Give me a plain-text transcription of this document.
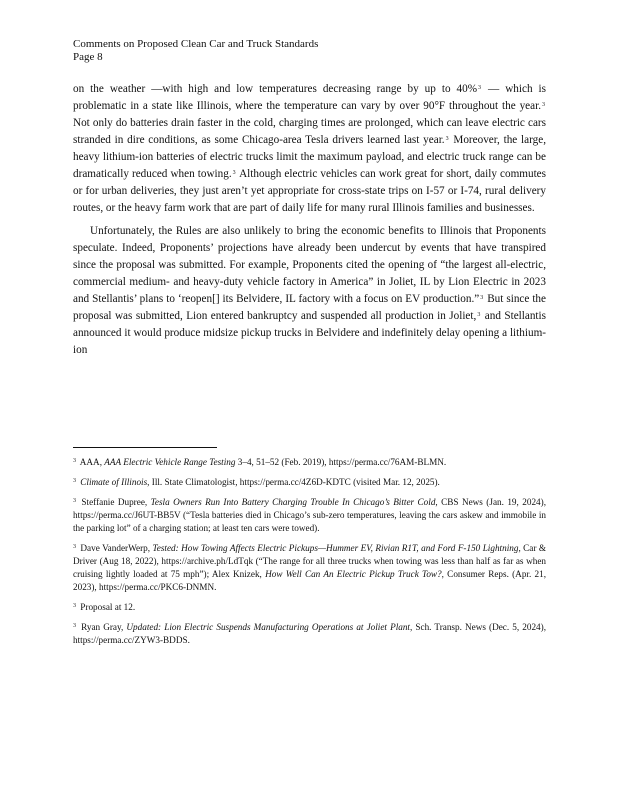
Comments on Proposed Clean Car and Truck Standards
Page 8

on the weather —with high and low temperatures decreasing range by up to 40%$^3$ — which is problematic in a state like Illinois, where the temperature can vary by over 90°F throughout the year.$^3$ Not only do batteries drain faster in the cold, charging times are prolonged, which can leave electric cars stranded in dire conditions, as some Chicago-area Tesla drivers learned last year.$^3$ Moreover, the large, heavy lithium-ion batteries of electric trucks limit the maximum payload, and electric truck range can be dramatically reduced when towing.$^3$ Although electric vehicles can work great for short, daily commutes or for urban deliveries, they just aren’t yet appropriate for cross-state trips on I-57 or I-74, rural delivery routes, or the heavy farm work that are part of daily life for many rural Illinois families and businesses.

Unfortunately, the Rules are also unlikely to bring the economic benefits to Illinois that Proponents speculate. Indeed, Proponents’ projections have already been undercut by events that have transpired since the proposal was submitted. For example, Proponents cited the opening of “the largest all-electric, commercial medium- and heavy-duty vehicle factory in America” in Joliet, IL by Lion Electric in 2023 and Stellantis’ plans to ‘reopen[] its Belvidere, IL factory with a focus on EV production.”$^3$ But since the proposal was submitted, Lion entered bankruptcy and suspended all production in Joliet,$^3$ and Stellantis announced it would produce midsize pickup trucks in Belvidere and indefinitely delay opening a lithium-ion

$^3$ AAA, AAA Electric Vehicle Range Testing 3–4, 51–52 (Feb. 2019), https://perma.cc/76AM-BLMN.
$^3$ Climate of Illinois, Ill. State Climatologist, https://perma.cc/4Z6D-KDTC (visited Mar. 12, 2025).
$^3$ Steffanie Dupree, Tesla Owners Run Into Battery Charging Trouble In Chicago’s Bitter Cold, CBS News (Jan. 19, 2024), https://perma.cc/J6UT-BB5V (“Tesla batteries died in Chicago’s sub-zero temperatures, leaving the cars askew and immobile in the parking lot” of a charging station; at least ten cars were towed).
$^3$ Dave VanderWerp, Tested: How Towing Affects Electric Pickups—Hummer EV, Rivian R1T, and Ford F-150 Lightning, Car & Driver (Aug 18, 2022), https://archive.ph/LdTqk (“The range for all three trucks when towing was less than half as far as when cruising lightly loaded at 75 mph”); Alex Knizek, How Well Can An Electric Pickup Truck Tow?, Consumer Reps. (Apr. 21, 2023), https://perma.cc/PKC6-DNMN.
$^3$ Proposal at 12.
$^3$ Ryan Gray, Updated: Lion Electric Suspends Manufacturing Operations at Joliet Plant, Sch. Transp. News (Dec. 5, 2024), https://perma.cc/ZYW3-BDDS.
